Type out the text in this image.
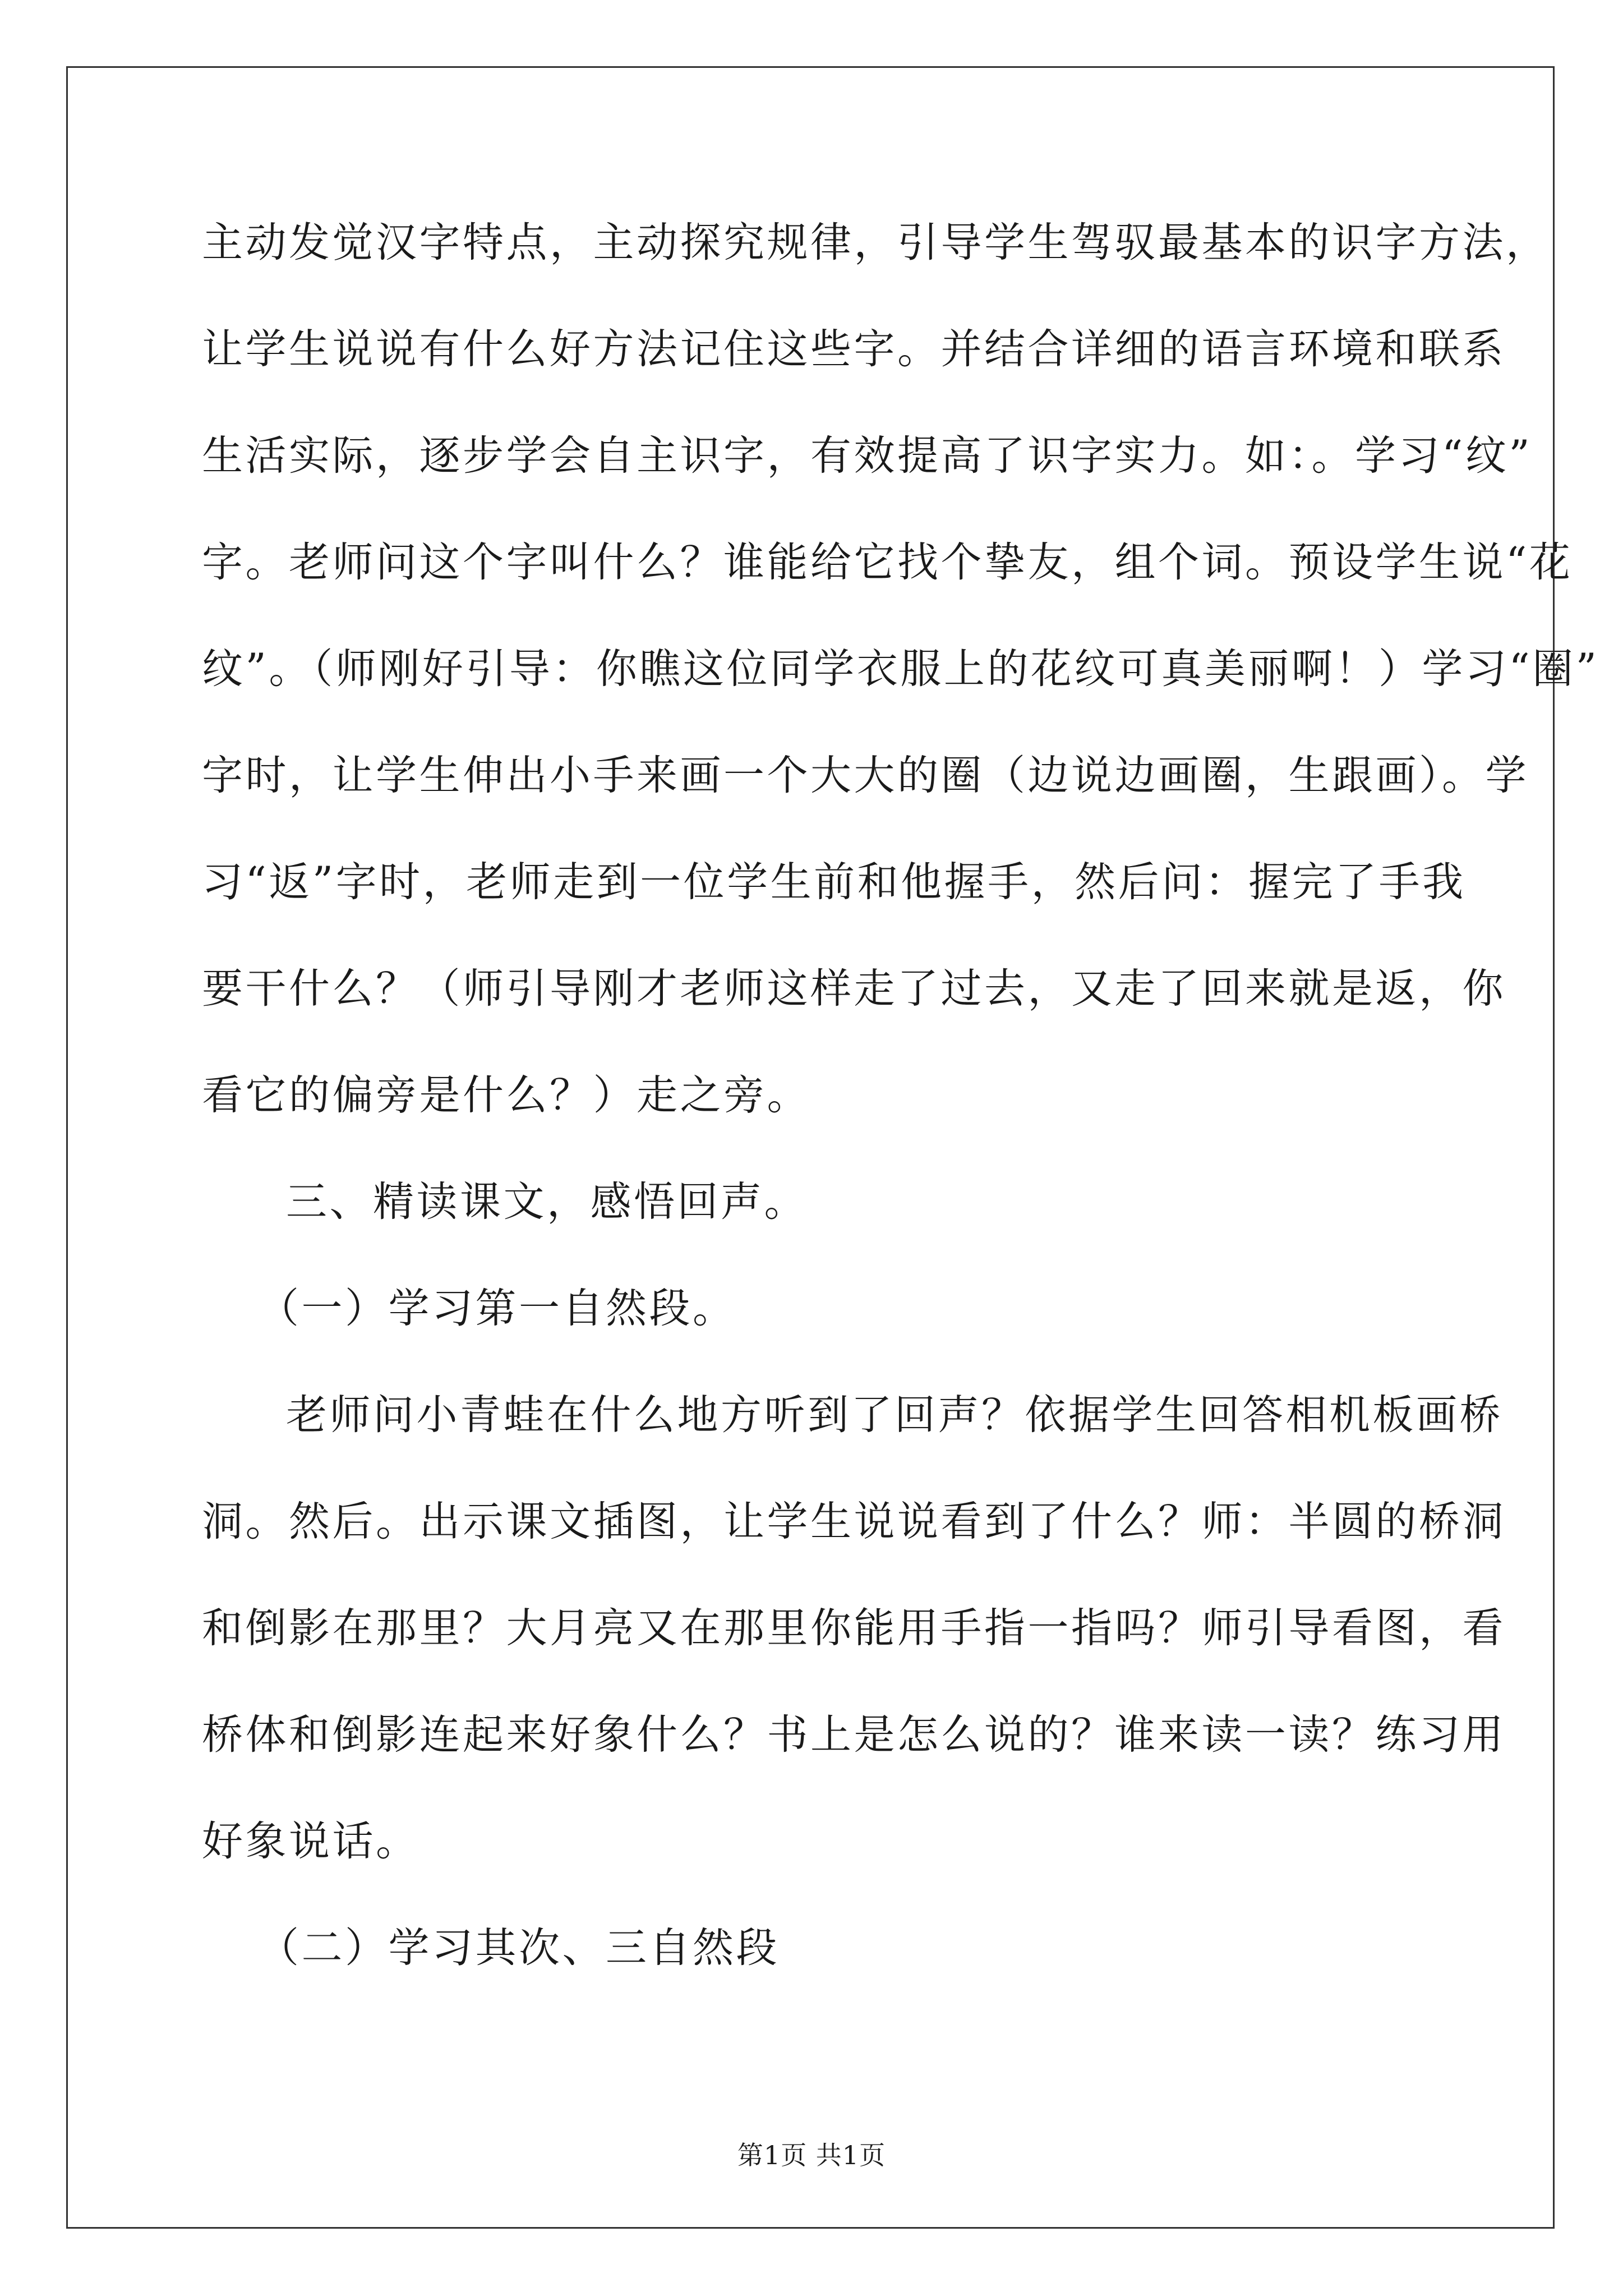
主动发觉汉字特点，主动探究规律，引导学生驾驭最基本的识字方法，
让学生说说有什么好方法记住这些字。并结合详细的语言环境和联系
生活实际，逐步学会自主识字，有效提高了识字实力。如：。学习“纹”
字。老师问这个字叫什么？谁能给它找个挚友，组个词。预设学生说“花
纹”。（师刚好引导：你瞧这位同学衣服上的花纹可真美丽啊！）学习“圈”
字时，让学生伸出小手来画一个大大的圈（边说边画圈，生跟画）。学
习“返”字时，老师走到一位学生前和他握手，然后问：握完了手我
要干什么？（师引导刚才老师这样走了过去，又走了回来就是返，你
看它的偏旁是什么？）走之旁。
三、精读课文，感悟回声。
（一）学习第一自然段。
老师问小青蛙在什么地方听到了回声？依据学生回答相机板画桥
洞。然后。出示课文插图，让学生说说看到了什么？师：半圆的桥洞
和倒影在那里？大月亮又在那里你能用手指一指吗？师引导看图，看
桥体和倒影连起来好象什么？书上是怎么说的？谁来读一读？练习用
好象说话。
（二）学习其次、三自然段
第1页 共1页
